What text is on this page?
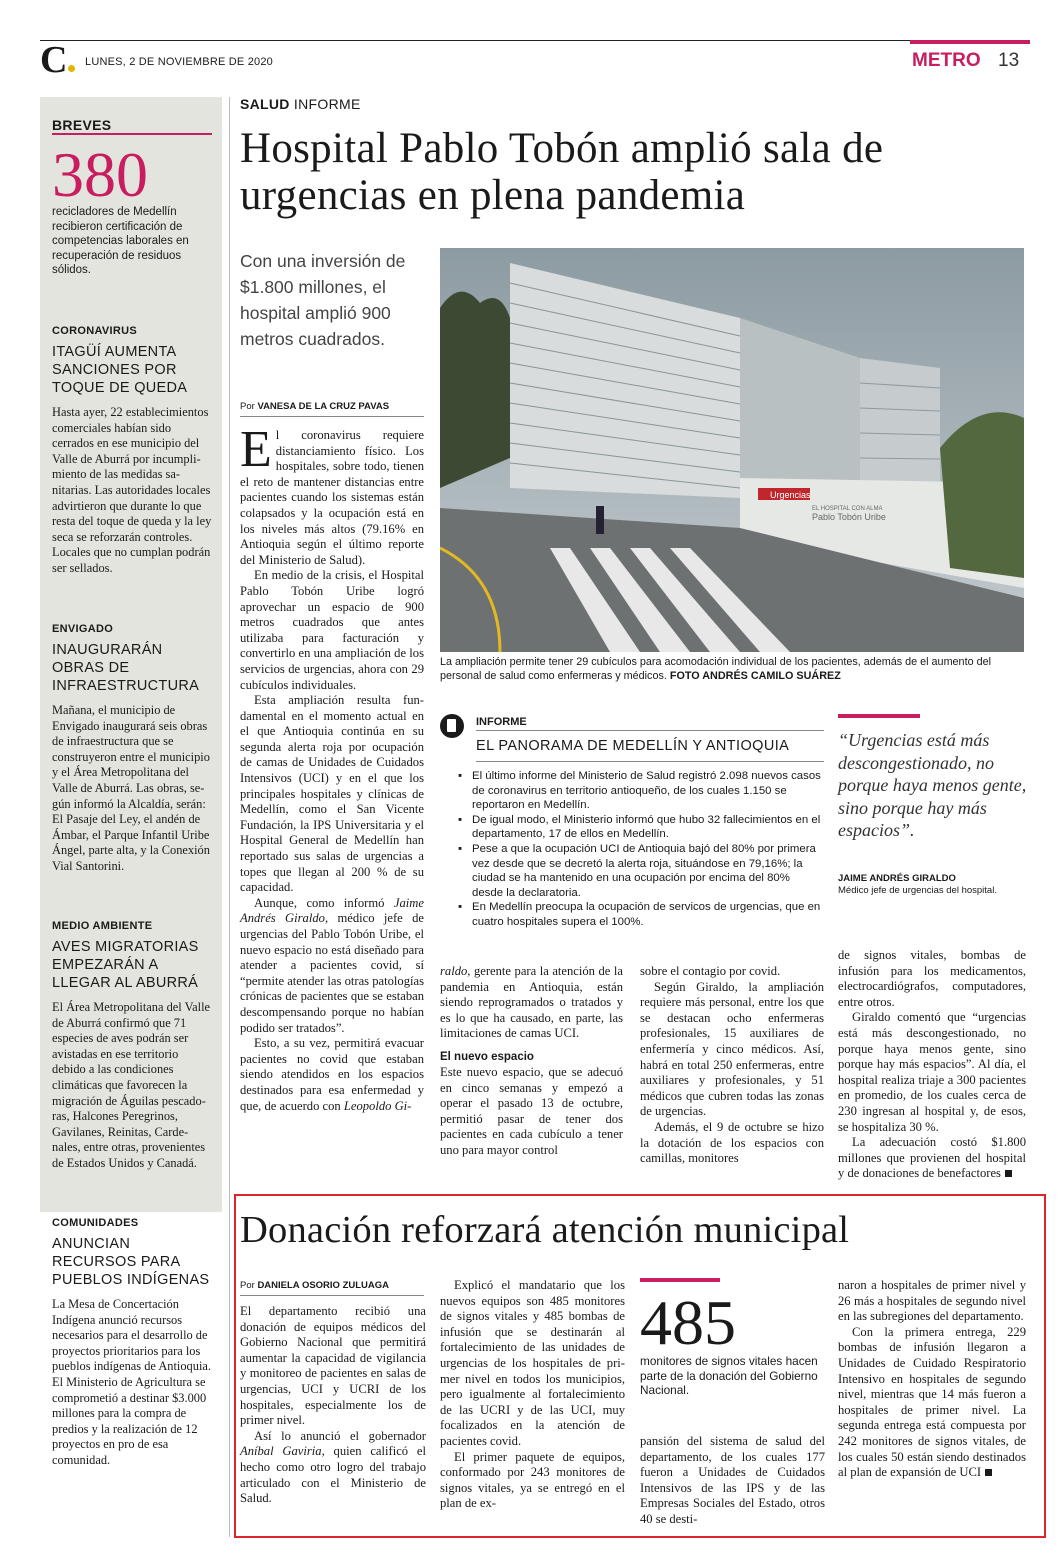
C	LUNES, 2 DE NOVIEMBRE DE 2020	METRO 13
BREVES
380
recicladores de Medellín recibieron certificación de competencias laborales en recuperación de residuos sólidos.
CORONAVIRUS
ITAGÜÍ AUMENTA SANCIONES POR TOQUE DE QUEDA
Hasta ayer, 22 establecimientos comerciales habían sido cerrados en ese municipio del Valle de Aburrá por incumplimiento de las medidas sanitarias. Las autoridades locales advirtieron que durante lo que resta del toque de queda y la ley seca se reforzarán controles. Locales que no cumplan podrán ser sellados.
ENVIGADO
INAUGURARÁN OBRAS DE INFRAESTRUCTURA
Mañana, el municipio de Envigado inaugurará seis obras de infraestructura que se construyeron entre el municipio y el Área Metropolitana del Valle de Aburrá. Las obras, según informó la Alcaldía, serán: El Pasaje del Ley, el andén de Ámbar, el Parque Infantil Uribe Ángel, parte alta, y la Conexión Vial Santorini.
MEDIO AMBIENTE
AVES MIGRATORIAS EMPEZARÁN A LLEGAR AL ABURRÁ
El Área Metropolitana del Valle de Aburrá confirmó que 71 especies de aves podrán ser avistadas en ese territorio debido a las condiciones climáticas que favorecen la migración de Águilas pescadoras, Halcones Peregrinos, Gavilanes, Reinitas, Cardenales, entre otras, provenientes de Estados Unidos y Canadá.
COMUNIDADES
ANUNCIAN RECURSOS PARA PUEBLOS INDÍGENAS
La Mesa de Concertación Indígena anunció recursos necesarios para el desarrollo de proyectos prioritarios para los pueblos indígenas de Antioquia. El Ministerio de Agricultura se comprometió a destinar $3.000 millones para la compra de predios y la realización de 12 proyectos en pro de esa comunidad.
SALUD INFORME
Hospital Pablo Tobón amplió sala de urgencias en plena pandemia
Con una inversión de $1.800 millones, el hospital amplió 900 metros cuadrados.
Por VANESA DE LA CRUZ PAVAS

El coronavirus requiere distanciamiento físico. Los hospitales, sobre todo, tienen el reto de mantener distancias entre pacientes cuando los sistemas están colapsados y la ocupación está en los niveles más altos (79.16% en Antioquia según el último reporte del Ministerio de Salud).

En medio de la crisis, el Hospital Pablo Tobón Uribe logró aprovechar un espacio de 900 metros cuadrados que antes utilizaba para facturación y convertirlo en una ampliación de los servicios de urgencias, ahora con 29 cubículos individuales.

Esta ampliación resulta fundamental en el momento actual en el que Antioquia continúa en su segunda alerta roja por ocupación de camas de Unidades de Cuidados Intensivos (UCI) y en el que los principales hospitales y clínicas de Medellín, como el San Vicente Fundación, la IPS Universitaria y el Hospital General de Medellín han reportado sus salas de urgencias a topes que llegan al 200 % de su capacidad.

Aunque, como informó Jaime Andrés Giraldo, médico jefe de urgencias del Pablo Tobón Uribe, el nuevo espacio no está diseñado para atender a pacientes covid, sí “permite atender las otras patologías crónicas de pacientes que se estaban descompensando porque no habían podido ser tratados”.

Esto, a su vez, permitirá evacuar pacientes no covid que estaban siendo atendidos en los espacios destinados para esa enfermedad y que, de acuerdo con Leopoldo Gi-

Urgencias
EL HOSPITAL CON ALMA
Pablo Tobón Uribe
La ampliación permite tener 29 cubículos para acomodación individual de los pacientes, además de el aumento del personal de salud como enfermeras y médicos. FOTO ANDRÉS CAMILO SUÁREZ
INFORME
EL PANORAMA DE MEDELLÍN Y ANTIOQUIA
▪ El último informe del Ministerio de Salud registró 2.098 nuevos casos de coronavirus en territorio antioqueño, de los cuales 1.150 se reportaron en Medellín.
▪ De igual modo, el Ministerio informó que hubo 32 fallecimientos en el departamento, 17 de ellos en Medellín.
▪ Pese a que la ocupación UCI de Antioquia bajó del 80% por primera vez desde que se decretó la alerta roja, situándose en 79,16%; la ciudad se ha mantenido en una ocupación por encima del 80% desde la declaratoria.
▪ En Medellín preocupa la ocupación de servicos de urgencias, que en cuatro hospitales supera el 100%.
“Urgencias está más descongestionado, no porque haya menos gente, sino porque hay más espacios”.
JAIME ANDRÉS GIRALDO
Médico jefe de urgencias del hospital.

raldo, gerente para la atención de la pandemia en Antioquia, están siendo reprogramados o tratados y es lo que ha causado, en parte, las limitaciones de camas UCI.

El nuevo espacio

Este nuevo espacio, que se adecuó en cinco semanas y empezó a operar el pasado 13 de octubre, permitió pasar de tener dos pacientes en cada cubículo a tener uno para mayor control

sobre el contagio por covid.

Según Giraldo, la ampliación requiere más personal, entre los que se destacan ocho enfermeras profesionales, 15 auxiliares de enfermería y cinco médicos. Así, habrá en total 250 enfermeras, entre auxiliares y profesionales, y 51 médicos que cubren todas las zonas de urgencias.

Además, el 9 de octubre se hizo la dotación de los espacios con camillas, monitores

de signos vitales, bombas de infusión para los medicamentos, electrocardiógrafos, computadores, entre otros.

Giraldo comentó que “urgencias está más descongestionado, no porque haya menos gente, sino porque hay más espacios”. Al día, el hospital realiza triaje a 300 pacientes en promedio, de los cuales cerca de 230 ingresan al hospital y, de esos, se hospitaliza 30 %.

La adecuación costó $1.800 millones que provienen del hospital y de donaciones de benefactores

Donación reforzará atención municipal
Por DANIELA OSORIO ZULUAGA

El departamento recibió una donación de equipos médicos del Gobierno Nacional que permitirá aumentar la capacidad de vigilancia y monitoreo de pacientes en salas de urgencias, UCI y UCRI de los hospitales, especialmente los de primer nivel.

Así lo anunció el gobernador Aníbal Gaviria, quien calificó el hecho como otro logro del trabajo articulado con el Ministerio de Salud.

Explicó el mandatario que los nuevos equipos son 485 monitores de signos vitales y 485 bombas de infusión que se destinarán al fortalecimiento de las unidades de urgencias de los hospitales de primer nivel en todos los municipios, pero igualmente al fortalecimiento de las UCRI y de las UCI, muy focalizados en la atención de pacientes covid.

El primer paquete de equipos, conformado por 243 monitores de signos vitales, ya se entregó en el plan de ex-

485
monitores de signos vitales hacen parte de la donación del Gobierno Nacional.

pansión del sistema de salud del departamento, de los cuales 177 fueron a Unidades de Cuidados Intensivos de las IPS y de las Empresas Sociales del Estado, otros 40 se desti-

naron a hospitales de primer nivel y 26 más a hospitales de segundo nivel en las subregiones del departamento.

Con la primera entrega, 229 bombas de infusión llegaron a Unidades de Cuidado Respiratorio Intensivo en hospitales de segundo nivel, mientras que 14 más fueron a hospitales de primer nivel. La segunda entrega está compuesta por 242 monitores de signos vitales, de los cuales 50 están siendo destinados al plan de expansión de UCI
